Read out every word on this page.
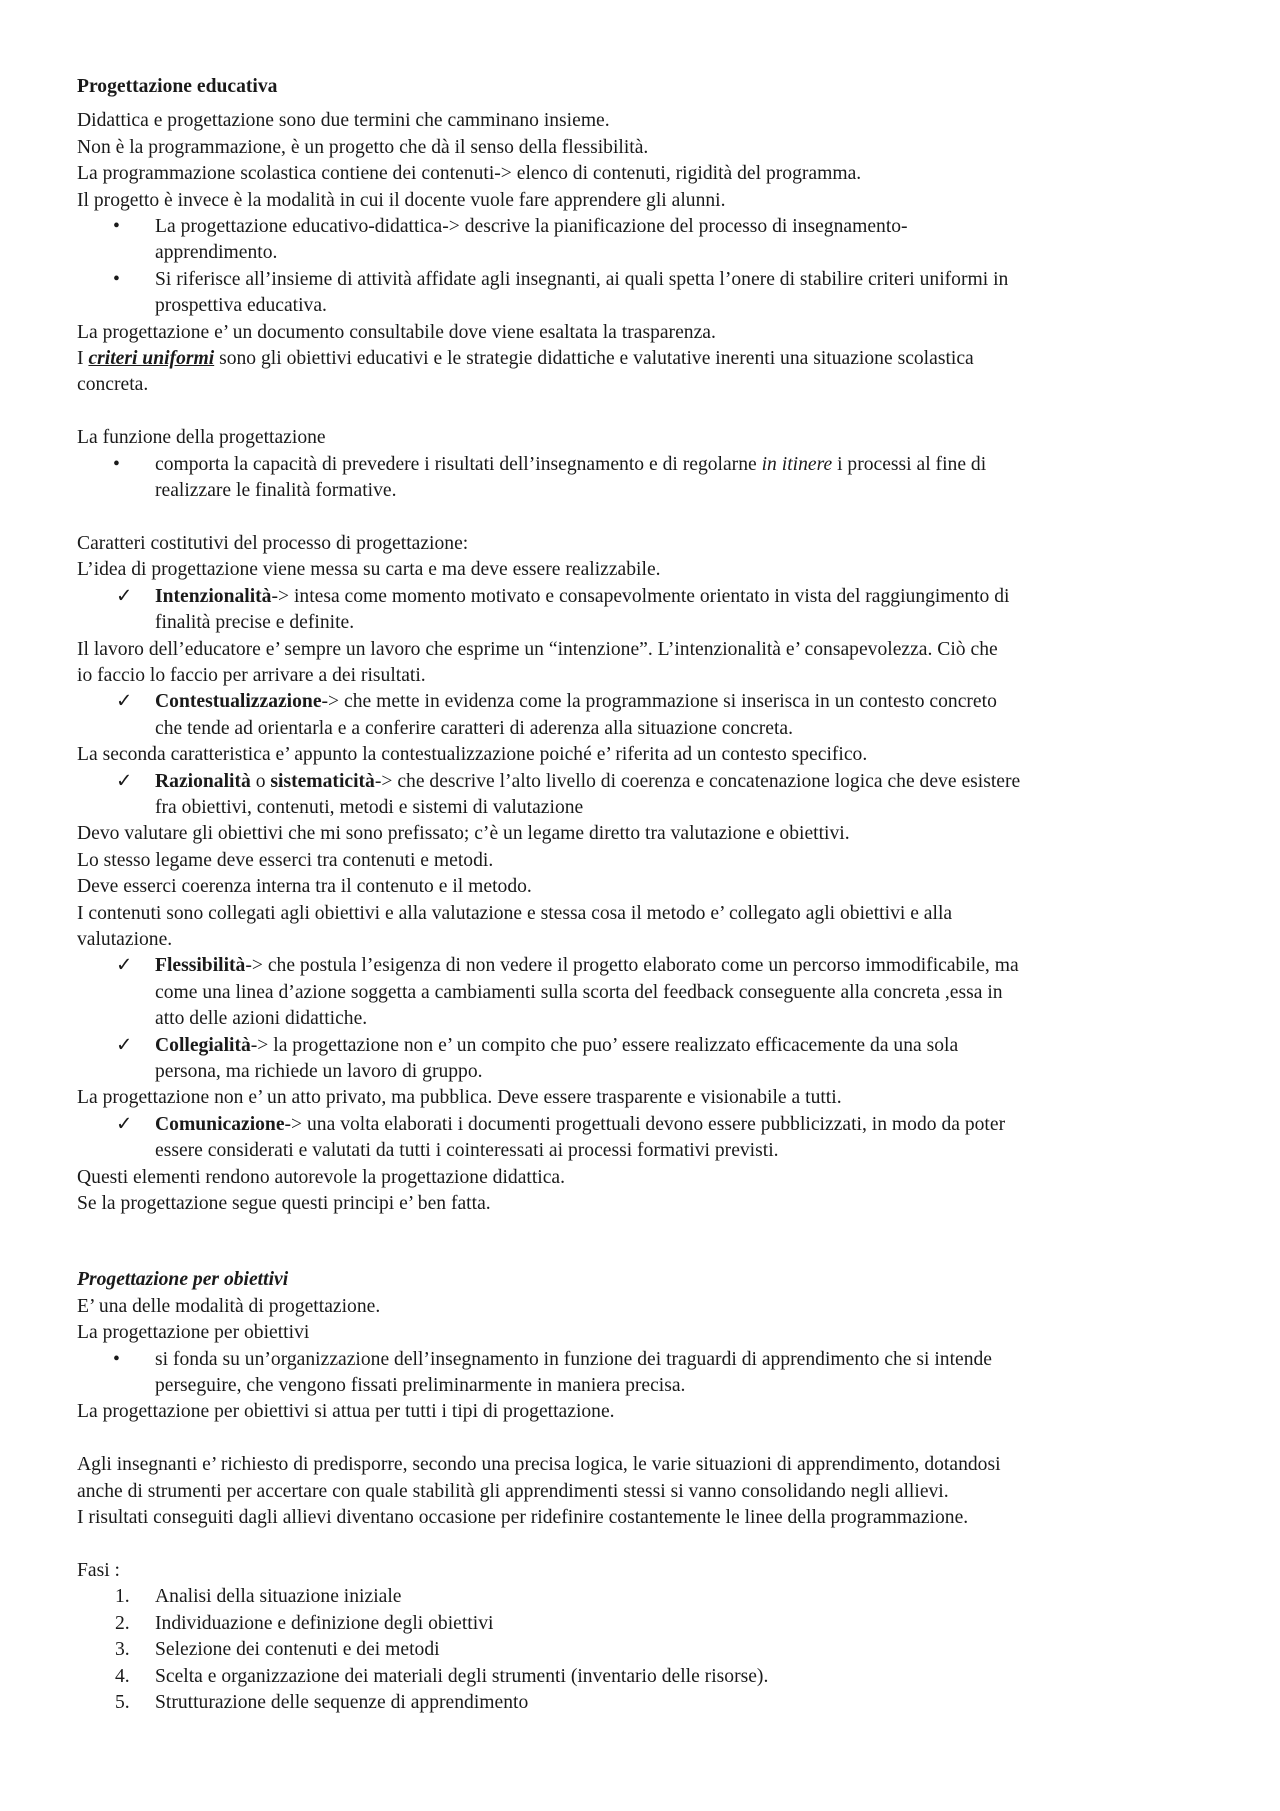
Progettazione educativa
Didattica e progettazione sono due termini che camminano insieme.
Non è la programmazione, è un progetto che dà il senso della flessibilità.
La programmazione scolastica contiene dei contenuti-> elenco di contenuti, rigidità del programma.
Il progetto è invece è la modalità in cui il docente vuole fare apprendere gli alunni.
• La progettazione educativo-didattica-> descrive la pianificazione del processo di insegnamento-
apprendimento.
• Si riferisce all’insieme di attività affidate agli insegnanti, ai quali spetta l’onere di stabilire criteri uniformi in
prospettiva educativa.
La progettazione e’ un documento consultabile dove viene esaltata la trasparenza.
I criteri uniformi sono gli obiettivi educativi e le strategie didattiche e valutative inerenti una situazione scolastica
concreta.
La funzione della progettazione
• comporta la capacità di prevedere i risultati dell’insegnamento e di regolarne in itinere i processi al fine di
realizzare le finalità formative.
Caratteri costitutivi del processo di progettazione:
L’idea di progettazione viene messa su carta e ma deve essere realizzabile.
✓ Intenzionalità-> intesa come momento motivato e consapevolmente orientato in vista del raggiungimento di
finalità precise e definite.
Il lavoro dell’educatore e’ sempre un lavoro che esprime un “intenzione”. L’intenzionalità e’ consapevolezza. Ciò che
io faccio lo faccio per arrivare a dei risultati.
✓ Contestualizzazione-> che mette in evidenza come la programmazione si inserisca in un contesto concreto
che tende ad orientarla e a conferire caratteri di aderenza alla situazione concreta.
La seconda caratteristica e’ appunto la contestualizzazione poiché e’ riferita ad un contesto specifico.
✓ Razionalità o sistematicità-> che descrive l’alto livello di coerenza e concatenazione logica che deve esistere
fra obiettivi, contenuti, metodi e sistemi di valutazione
Devo valutare gli obiettivi che mi sono prefissato; c’è un legame diretto tra valutazione e obiettivi.
Lo stesso legame deve esserci tra contenuti e metodi.
Deve esserci coerenza interna tra il contenuto e il metodo.
I contenuti sono collegati agli obiettivi e alla valutazione e stessa cosa il metodo e’ collegato agli obiettivi e alla
valutazione.
✓ Flessibilità-> che postula l’esigenza di non vedere il progetto elaborato come un percorso immodificabile, ma
come una linea d’azione soggetta a cambiamenti sulla scorta del feedback conseguente alla concreta ,essa in
atto delle azioni didattiche.
✓ Collegialità-> la progettazione non e’ un compito che puo’ essere realizzato efficacemente da una sola
persona, ma richiede un lavoro di gruppo.
La progettazione non e’ un atto privato, ma pubblica. Deve essere trasparente e visionabile a tutti.
✓ Comunicazione-> una volta elaborati i documenti progettuali devono essere pubblicizzati, in modo da poter
essere considerati e valutati da tutti i cointeressati ai processi formativi previsti.
Questi elementi rendono autorevole la progettazione didattica.
Se la progettazione segue questi principi e’ ben fatta.
Progettazione per obiettivi
E’ una delle modalità di progettazione.
La progettazione per obiettivi
• si fonda su un’organizzazione dell’insegnamento in funzione dei traguardi di apprendimento che si intende
perseguire, che vengono fissati preliminarmente in maniera precisa.
La progettazione per obiettivi si attua per tutti i tipi di progettazione.
Agli insegnanti e’ richiesto di predisporre, secondo una precisa logica, le varie situazioni di apprendimento, dotandosi
anche di strumenti per accertare con quale stabilità gli apprendimenti stessi si vanno consolidando negli allievi.
I risultati conseguiti dagli allievi diventano occasione per ridefinire costantemente le linee della programmazione.
Fasi :
1. Analisi della situazione iniziale
2. Individuazione e definizione degli obiettivi
3. Selezione dei contenuti e dei metodi
4. Scelta e organizzazione dei materiali degli strumenti (inventario delle risorse).
5. Strutturazione delle sequenze di apprendimento
